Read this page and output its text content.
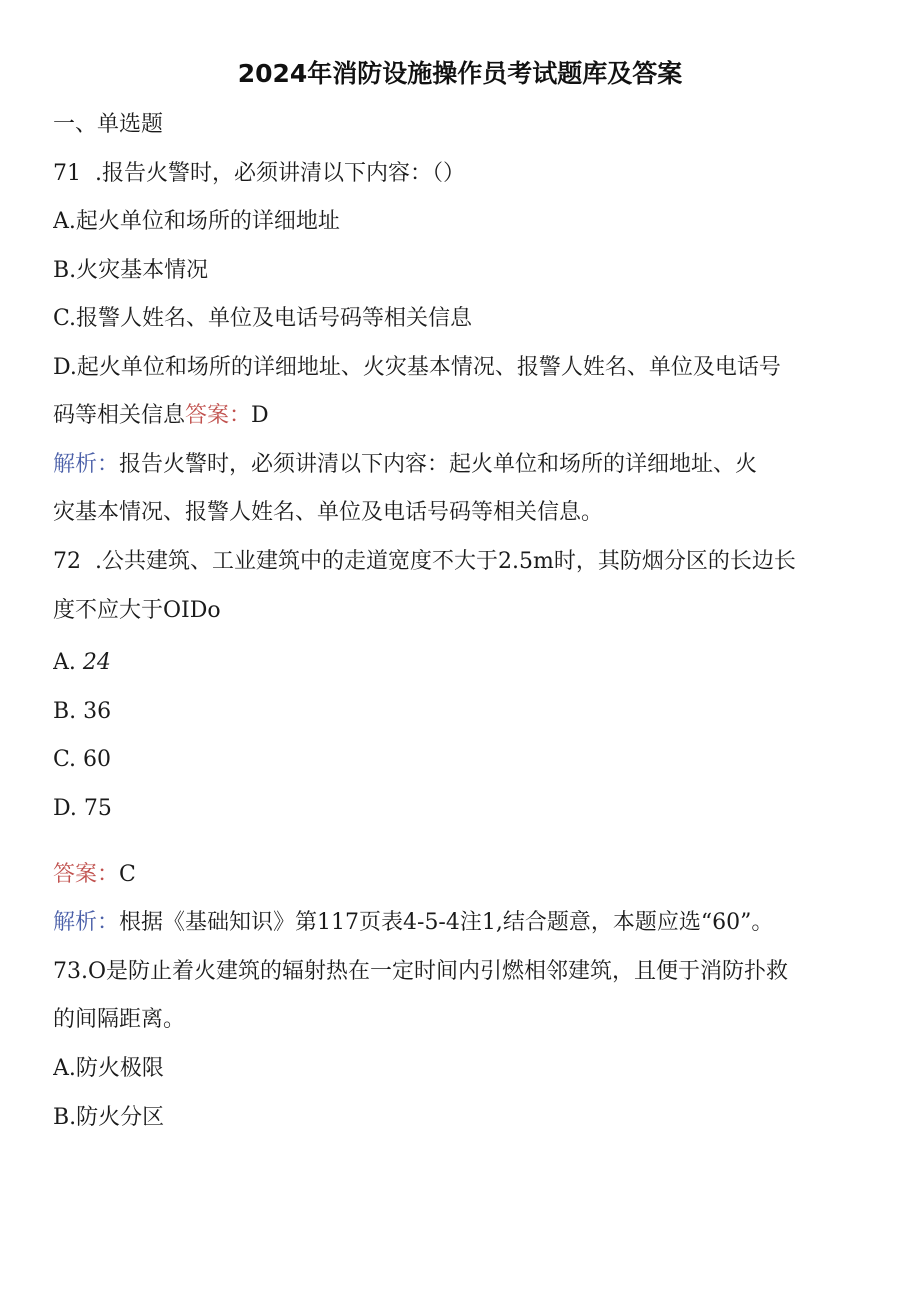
2024年消防设施操作员考试题库及答案
一、单选题
71  .报告火警时，必须讲清以下内容：（）
A.起火单位和场所的详细地址
B.火灾基本情况
C.报警人姓名、单位及电话号码等相关信息
D.起火单位和场所的详细地址、火灾基本情况、报警人姓名、单位及电话号
码等相关信息答案：D
解析：报告火警时，必须讲清以下内容：起火单位和场所的详细地址、火
灾基本情况、报警人姓名、单位及电话号码等相关信息。
72  .公共建筑、工业建筑中的走道宽度不大于2.5m时，其防烟分区的长边长
度不应大于OIDo
A. 24
B. 36
C. 60
D. 75
答案：C
解析：根据《基础知识》第117页表4-5-4注1,结合题意，本题应选“60”。
73.O是防止着火建筑的辐射热在一定时间内引燃相邻建筑，且便于消防扑救
的间隔距离。
A.防火极限
B.防火分区
